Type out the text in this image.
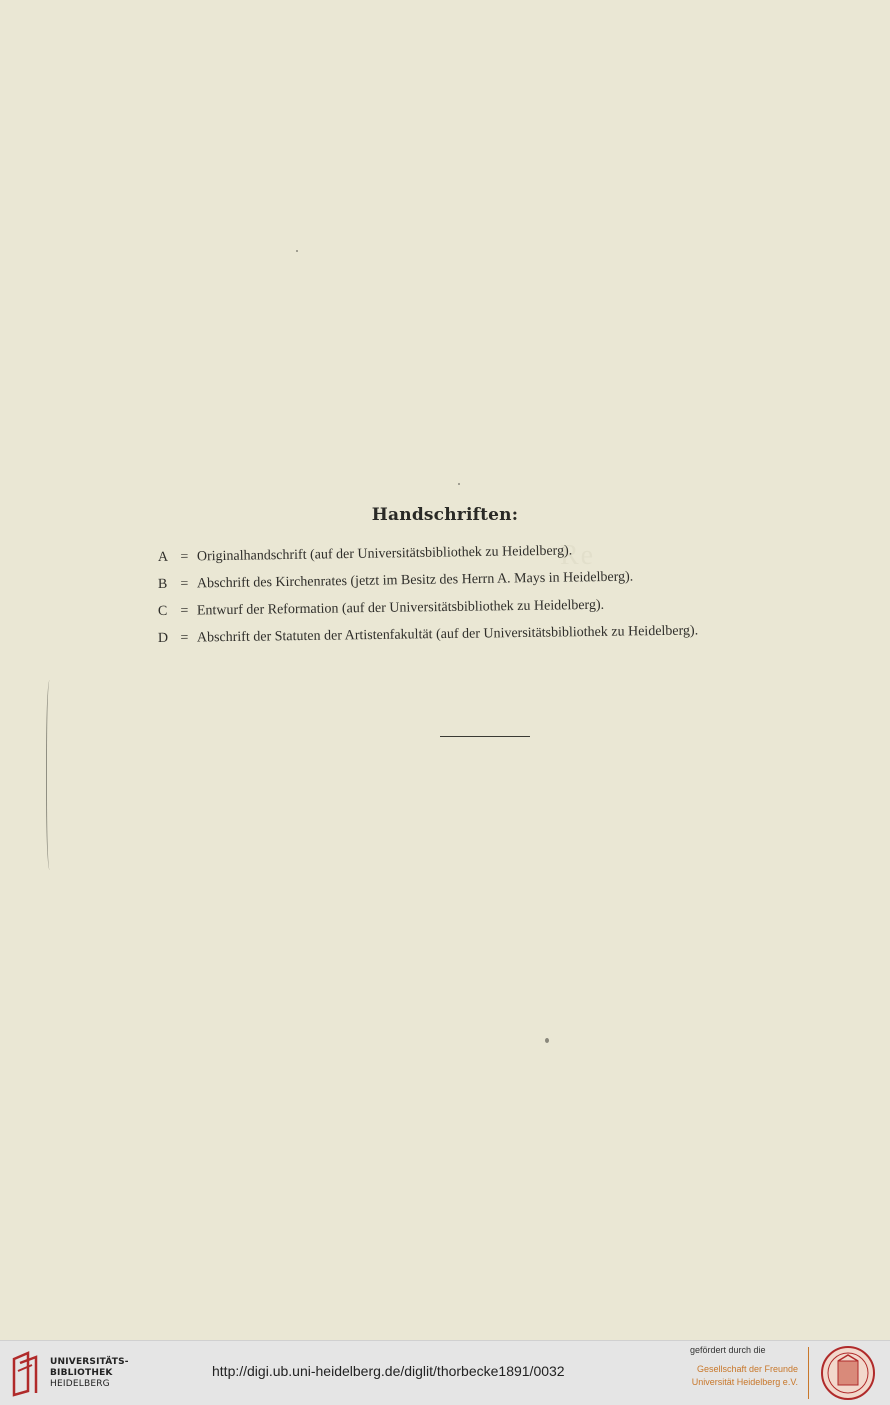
Re
Handschriften:
A = Originalhandschrift (auf der Universitätsbibliothek zu Heidelberg).
B = Abschrift des Kirchenrates (jetzt im Besitz des Herrn A. Mays in Heidelberg).
C = Entwurf der Reformation (auf der Universitätsbibliothek zu Heidelberg).
D = Abschrift der Statuten der Artistenfakultät (auf der Universitätsbibliothek zu Heidelberg).
UNIVERSITÄTS-
BIBLIOTHEK
HEIDELBERG
http://digi.ub.uni-heidelberg.de/diglit/thorbecke1891/0032
gefördert durch die
Gesellschaft der Freunde
Universität Heidelberg e.V.
